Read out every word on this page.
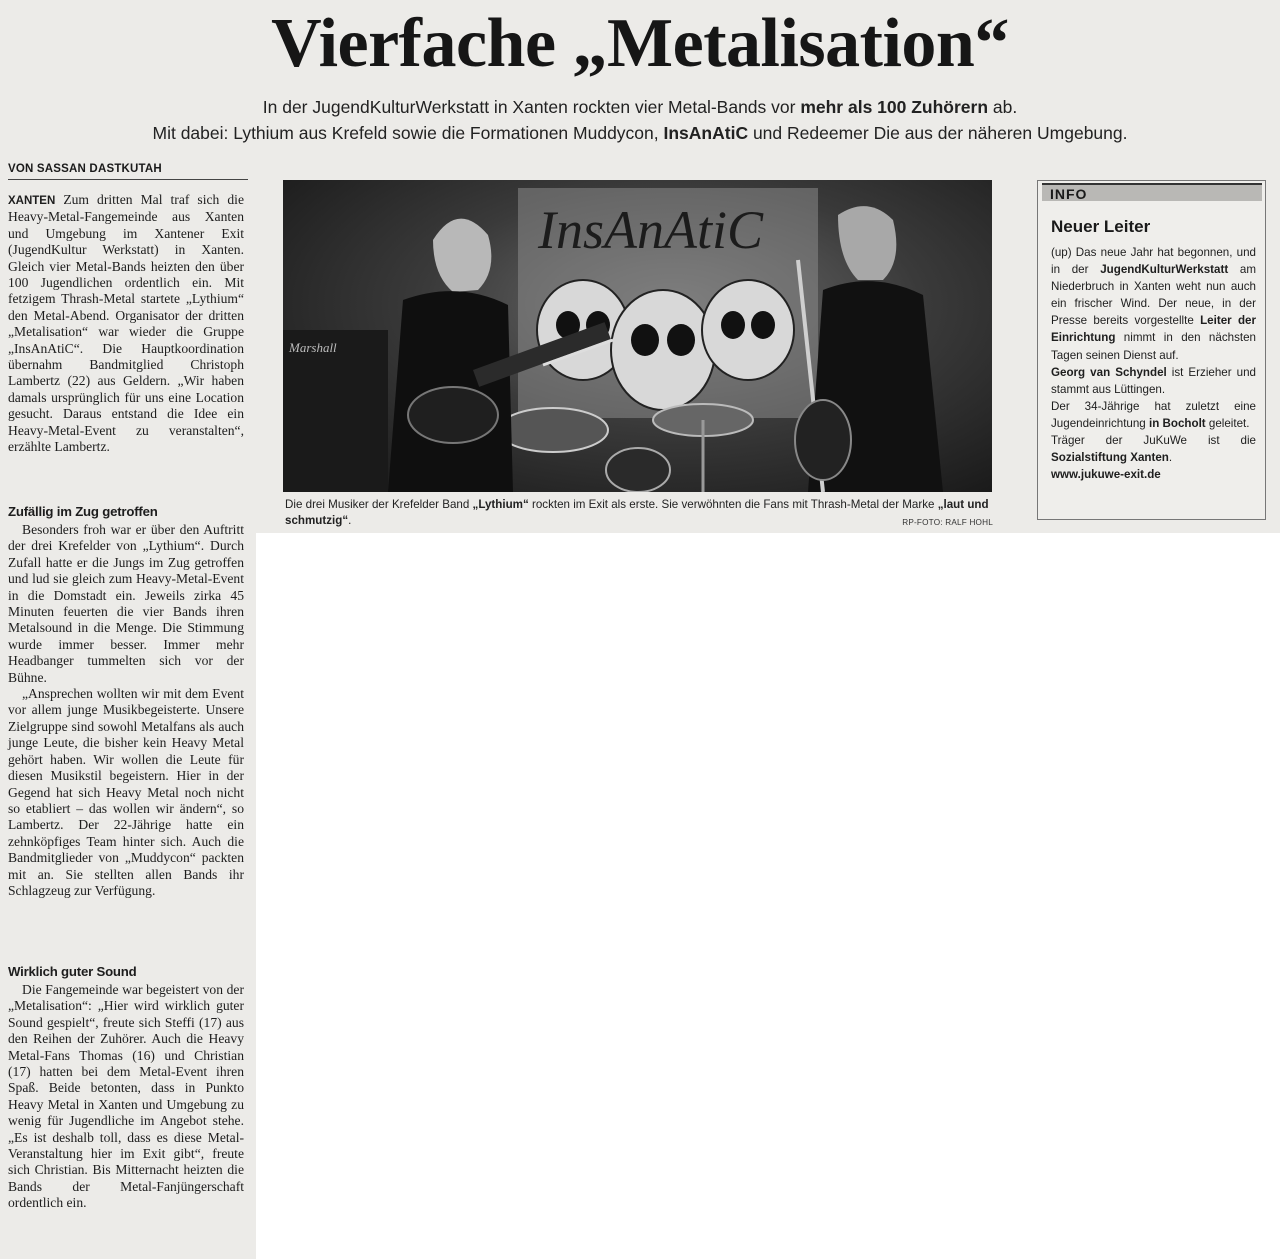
Vierfache „Metalisation“
In der JugendKulturWerkstatt in Xanten rockten vier Metal-Bands vor mehr als 100 Zuhörern ab.
Mit dabei: Lythium aus Krefeld sowie die Formationen Muddycon, InsAnAtiC und Redeemer Die aus der näheren Umgebung.
VON SASSAN DASTKUTAH

XANTEN Zum dritten Mal traf sich die Heavy-Metal-Fangemeinde aus Xanten und Umgebung im Xantener Exit (JugendKultur Werkstatt) in Xanten. Gleich vier Metal-Bands heizten den über 100 Jugendlichen ordentlich ein. Mit fetzigem Thrash-Metal startete „Lythium“ den Metal-Abend. Organisator der dritten „Metalisation“ war wieder die Gruppe „InsAnAtiC“. Die Hauptkoordination übernahm Bandmitglied Christoph Lambertz (22) aus Geldern. „Wir haben damals ursprünglich für uns eine Location gesucht. Daraus entstand die Idee ein Heavy-Metal-Event zu veranstalten“, erzählte Lambertz.

Zufällig im Zug getroffen

Besonders froh war er über den Auftritt der drei Krefelder von „Lythium“. Durch Zufall hatte er die Jungs im Zug getroffen und lud sie gleich zum Heavy-Metal-Event in die Domstadt ein. Jeweils zirka 45 Minuten feuerten die vier Bands ihren Metalsound in die Menge. Die Stimmung wurde immer besser. Immer mehr Headbanger tummelten sich vor der Bühne.

„Ansprechen wollten wir mit dem Event vor allem junge Musikbegeisterte. Unsere Zielgruppe sind sowohl Metalfans als auch junge Leute, die bisher kein Heavy Metal gehört haben. Wir wollen die Leute für diesen Musikstil begeistern. Hier in der Gegend hat sich Heavy Metal noch nicht so etabliert – das wollen wir ändern“, so Lambertz. Der 22-Jährige hatte ein zehnköpfiges Team hinter sich. Auch die Bandmitglieder von „Muddycon“ packten mit an. Sie stellten allen Bands ihr Schlagzeug zur Verfügung.

Wirklich guter Sound

Die Fangemeinde war begeistert von der „Metalisation“: „Hier wird wirklich guter Sound gespielt“, freute sich Steffi (17) aus den Reihen der Zuhörer. Auch die Heavy Metal-Fans Thomas (16) und Christian (17) hatten bei dem Metal-Event ihren Spaß. Beide betonten, dass in Punkto Heavy Metal in Xanten und Umgebung zu wenig für Jugendliche im Angebot stehe. „Es ist deshalb toll, dass es diese Metal-Veranstaltung hier im Exit gibt“, freute sich Christian. Bis Mitternacht heizten die Bands der Metal-Fanjüngerschaft ordentlich ein.

InsAnAtiC
Marshall
Die drei Musiker der Krefelder Band „Lythium“ rockten im Exit als erste. Sie verwöhnten die Fans mit Thrash-Metal der Marke „laut und schmutzig“.	RP-FOTO: RALF HOHL
INFO
Neuer Leiter

(up) Das neue Jahr hat begonnen, und in der JugendKulturWerkstatt am Niederbruch in Xanten weht nun auch ein frischer Wind. Der neue, in der Presse bereits vorgestellte Leiter der Einrichtung nimmt in den nächsten Tagen seinen Dienst auf.

Georg van Schyndel ist Erzieher und stammt aus Lüttingen.

Der 34-Jährige hat zuletzt eine Jugendeinrichtung in Bocholt geleitet.

Träger der JuKuWe ist die Sozialstiftung Xanten.

www.jukuwe-exit.de
